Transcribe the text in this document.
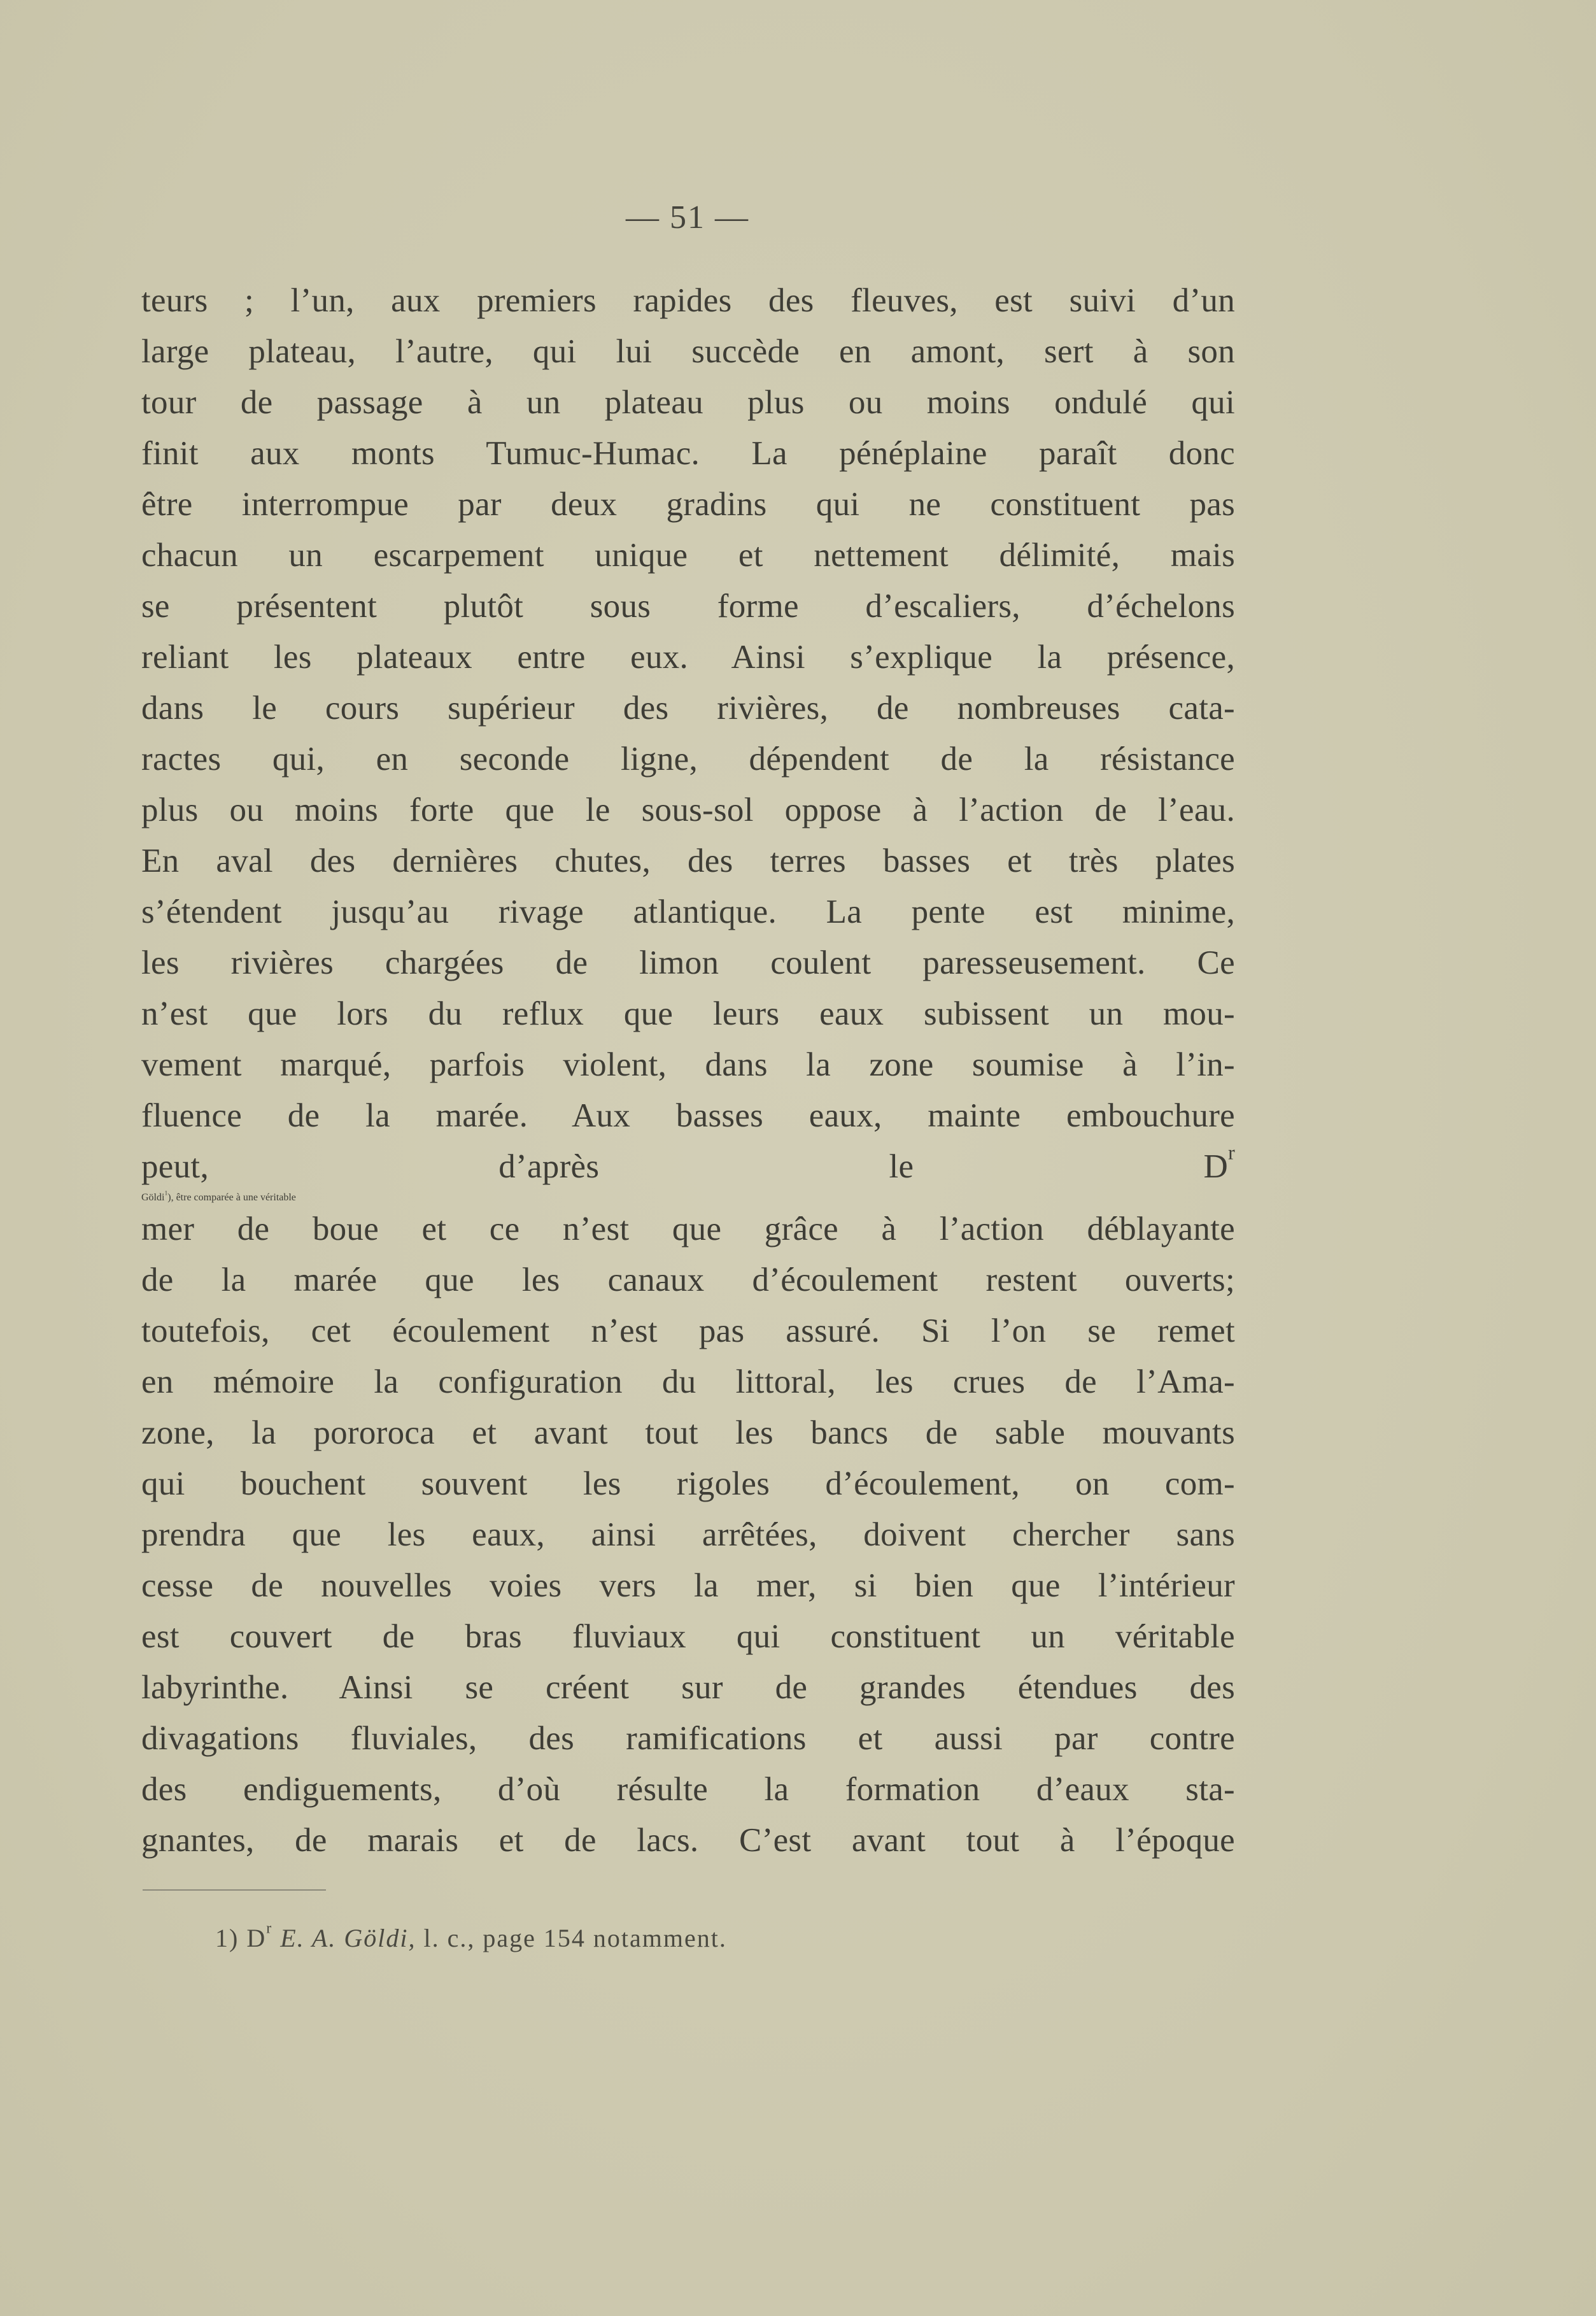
— 51 —
teurs ; l’un, aux premiers rapides des fleuves, est suivi d’un
large plateau, l’autre, qui lui succède en amont, sert à son
tour de passage à un plateau plus ou moins ondulé qui
finit aux monts Tumuc-Humac. La pénéplaine paraît donc
être interrompue par deux gradins qui ne constituent pas
chacun un escarpement unique et nettement délimité, mais
se présentent plutôt sous forme d’escaliers, d’échelons
reliant les plateaux entre eux. Ainsi s’explique la présence,
dans le cours supérieur des rivières, de nombreuses cata-
ractes qui, en seconde ligne, dépendent de la résistance
plus ou moins forte que le sous-sol oppose à l’action de l’eau.
En aval des dernières chutes, des terres basses et très plates
s’étendent jusqu’au rivage atlantique. La pente est minime,
les rivières chargées de limon coulent paresseusement. Ce
n’est que lors du reflux que leurs eaux subissent un mou-
vement marqué, parfois violent, dans la zone soumise à l’in-
fluence de la marée. Aux basses eaux, mainte embouchure
peut, d’après le $D^r$
Göldi$^1$), être comparée à une véritable
mer de boue et ce n’est que grâce à l’action déblayante
de la marée que les canaux d’écoulement restent ouverts;
toutefois, cet écoulement n’est pas assuré. Si l’on se remet
en mémoire la configuration du littoral, les crues de l’Ama-
zone, la pororoca et avant tout les bancs de sable mouvants
qui bouchent souvent les rigoles d’écoulement, on com-
prendra que les eaux, ainsi arrêtées, doivent chercher sans
cesse de nouvelles voies vers la mer, si bien que l’intérieur
est couvert de bras fluviaux qui constituent un véritable
labyrinthe. Ainsi se créent sur de grandes étendues des
divagations fluviales, des ramifications et aussi par contre
des endiguements, d’où résulte la formation d’eaux sta-
gnantes, de marais et de lacs. C’est avant tout à l’époque
1) $D^r$ E. A. Göldi, l. c., page 154 notamment.
